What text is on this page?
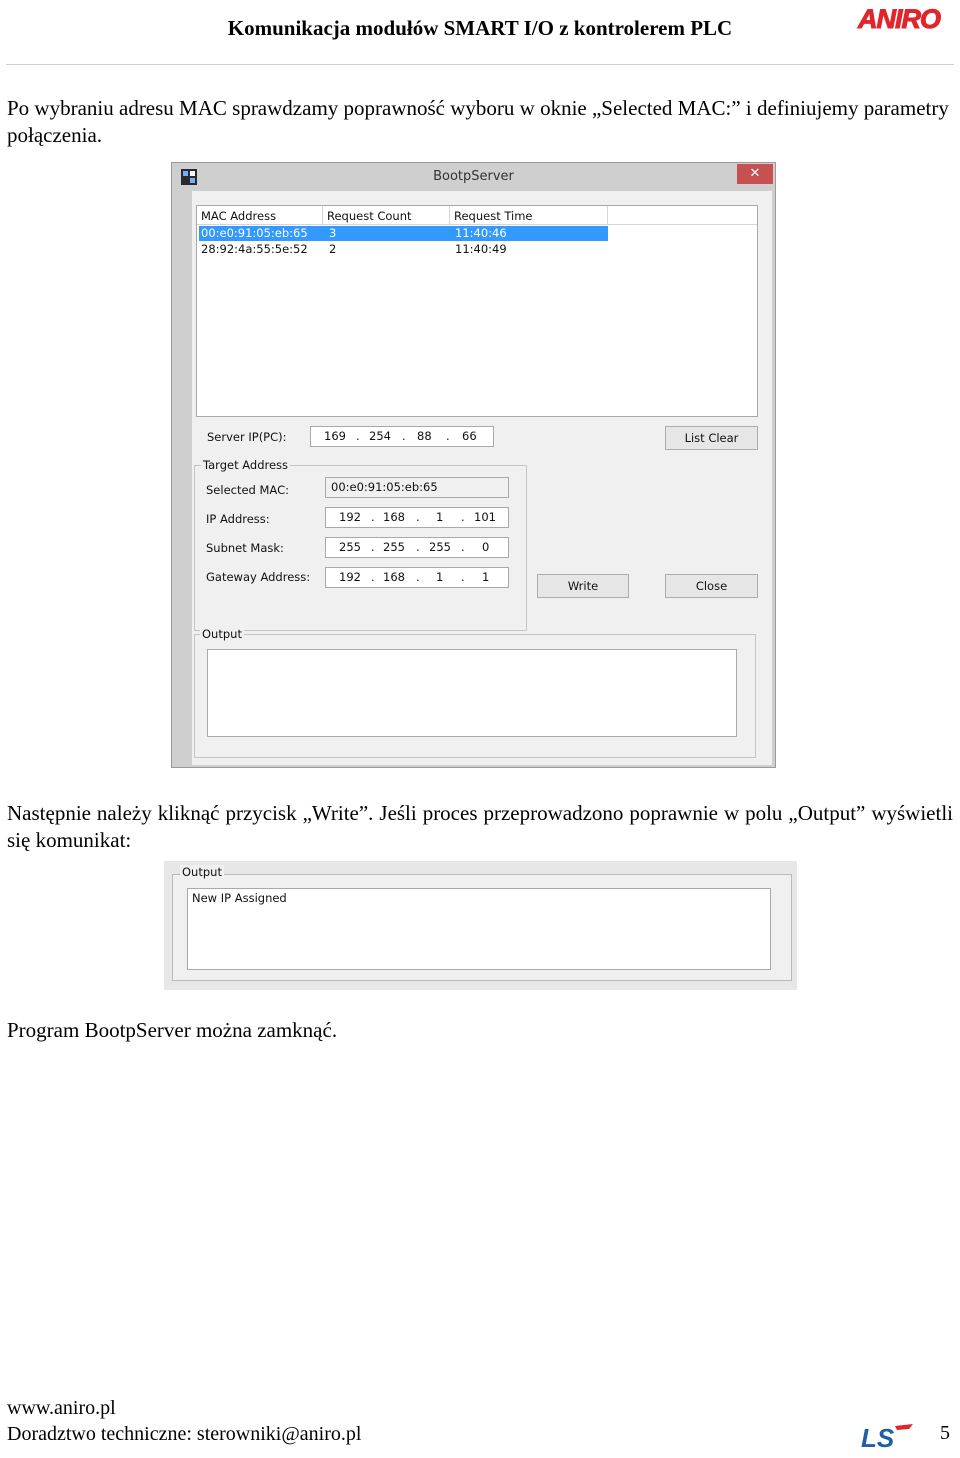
Komunikacja modułów SMART I/O z kontrolerem PLC	ANIRO
Po wybraniu adresu MAC sprawdzamy poprawność wyboru w oknie „Selected MAC:” i definiujemy parametry połączenia.
BootpServer	✕
MAC Address	Request Count	Request Time
00:e0:91:05:eb:65 3	11:40:46
28:92:4a:55:5e:52 2	11:40:49
Server IP(PC):	169 . 254 . 88 . 66	List Clear
Target Address
Selected MAC:	00:e0:91:05:eb:65
IP Address:	192 . 168 . 1 . 101
Subnet Mask:	255 . 255 . 255 . 0
Gateway Address:	192 . 168 . 1 . 1
Write	Close
Output
Następnie należy kliknąć przycisk „Write”. Jeśli proces przeprowadzono poprawnie w polu „Output” wyświetli się komunikat:
New IP Assigned
Output
Program BootpServer można zamknąć.
www.aniro.pl
Doradztwo techniczne: sterowniki@aniro.pl	LS 5
